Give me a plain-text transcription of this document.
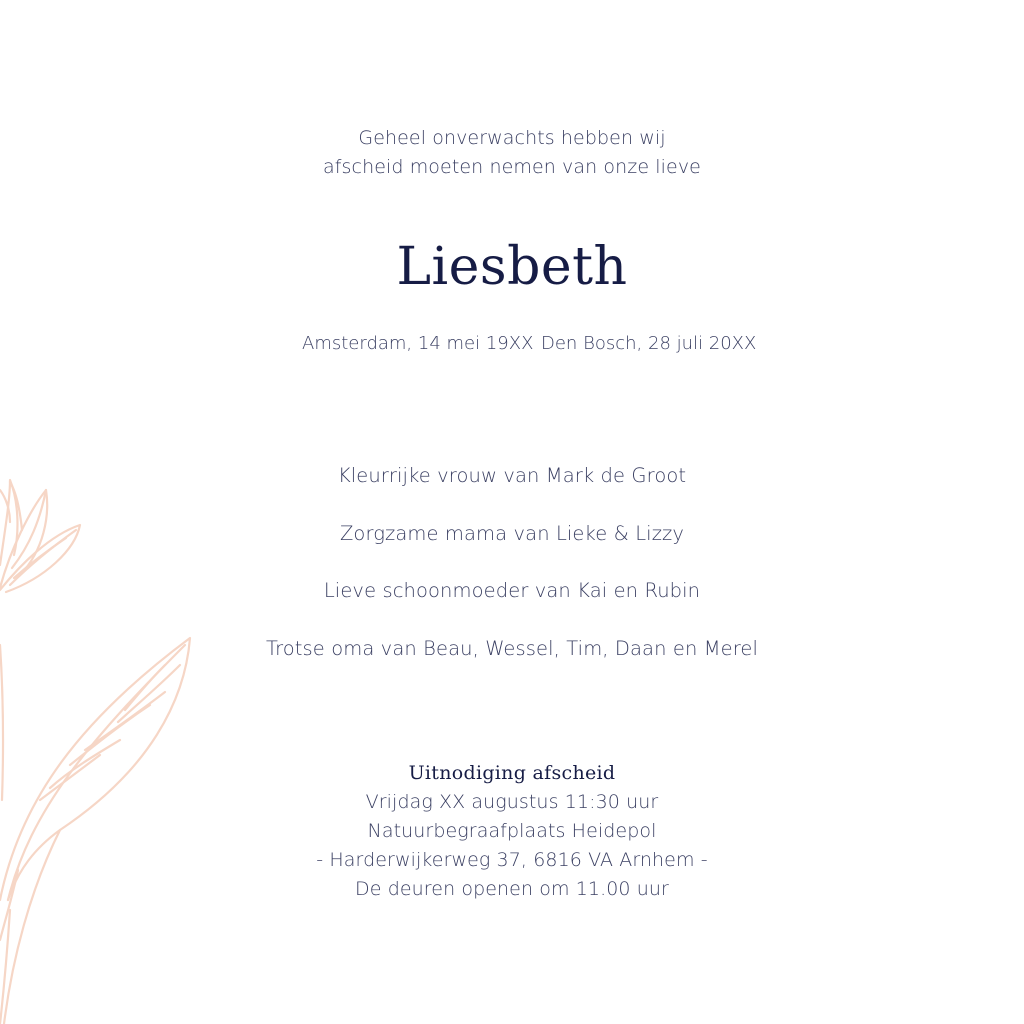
Geheel onverwachts hebben wij
afscheid moeten nemen van onze lieve
Liesbeth
Amsterdam, 14 mei 19XX Den Bosch, 28 juli 20XX
Kleurrijke vrouw van Mark de Groot
Zorgzame mama van Lieke & Lizzy
Lieve schoonmoeder van Kai en Rubin
Trotse oma van Beau, Wessel, Tim, Daan en Merel
Uitnodiging afscheid
Vrijdag XX augustus 11:30 uur
Natuurbegraafplaats Heidepol
- Harderwijkerweg 37, 6816 VA Arnhem -
De deuren openen om 11.00 uur
